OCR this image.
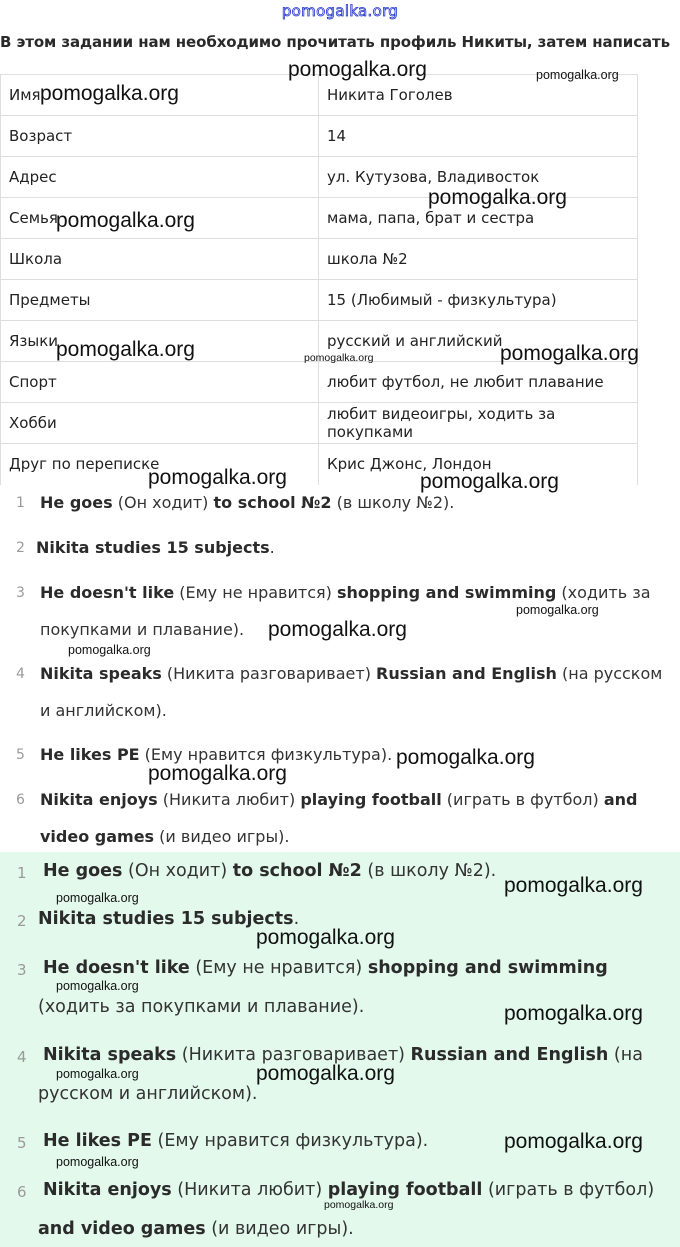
pomogalka.org
В этом задании нам необходимо прочитать профиль Никиты, затем написать
Имя	Никита Гоголев
Возраст	14
Адрес	ул. Кутузова, Владивосток
Семья	мама, папа, брат и сестра
Школа	школа №2
Предметы	15 (Любимый - физкультура)
Языки	русский и английский
Спорт	любит футбол, не любит плавание
Хобби	любит видеоигры, ходить за покупками
Друг по переписке	Крис Джонс, Лондон
1 He goes (Он ходит) to school №2 (в школу №2).
2 Nikita studies 15 subjects.
3 He doesn't like (Ему не нравится) shopping and swimming (ходить за покупками и плавание).
4 Nikita speaks (Никита разговаривает) Russian and English (на русском и английском).
5 He likes PE (Ему нравится физкультура).
6 Nikita enjoys (Никита любит) playing football (играть в футбол) and video games (и видео игры).
1 He goes (Он ходит) to school №2 (в школу №2).
2 Nikita studies 15 subjects.
3 He doesn't like (Ему не нравится) shopping and swimming (ходить за покупками и плавание).
4 Nikita speaks (Никита разговаривает) Russian and English (на русском и английском).
5 He likes PE (Ему нравится физкультура).
6 Nikita enjoys (Никита любит) playing football (играть в футбол) and video games (и видео игры).
pomogalka.org	pomogalka.org
pomogalka.org
pomogalka.org
pomogalka.org
pomogalka.org	pomogalka.org	pomogalka.org
pomogalka.org	pomogalka.org
pomogalka.org
pomogalka.org
pomogalka.org
pomogalka.org
pomogalka.org
pomogalka.org
pomogalka.org
pomogalka.org
pomogalka.org
pomogalka.org
pomogalka.org	pomogalka.org
pomogalka.org
pomogalka.org
pomogalka.org
